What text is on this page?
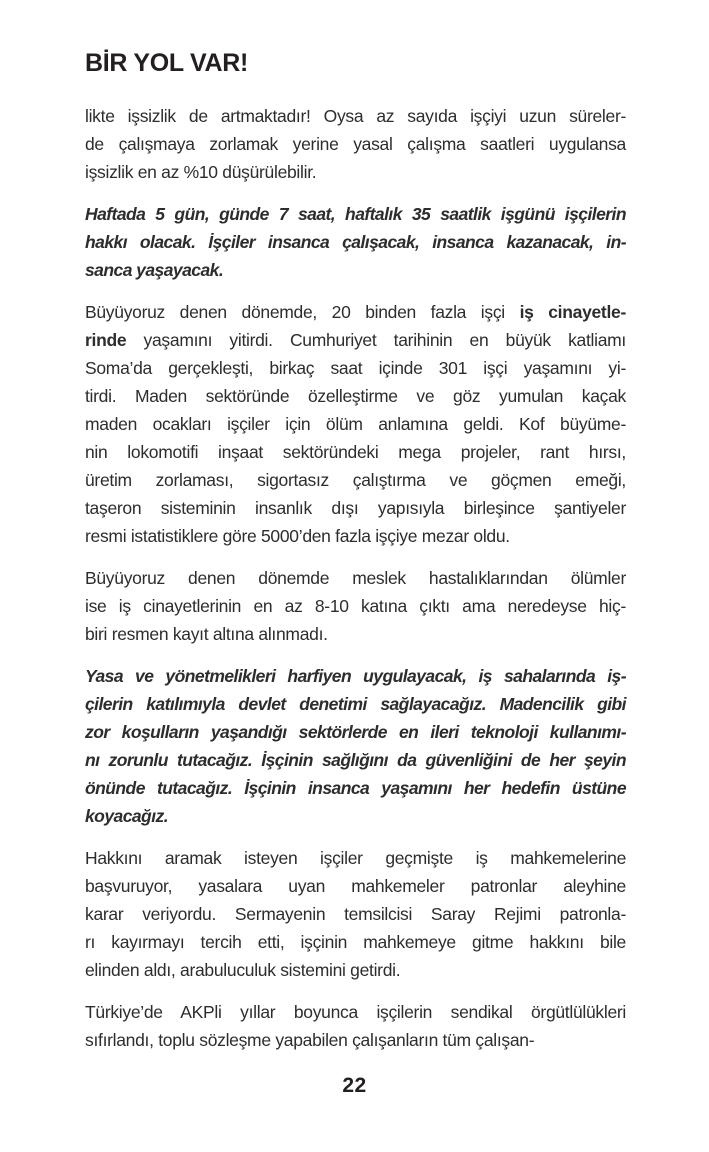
BİR YOL VAR!
likte işsizlik de artmaktadır! Oysa az sayıda işçiyi uzun süreler-
de çalışmaya zorlamak yerine yasal çalışma saatleri uygulansa
işsizlik en az %10 düşürülebilir.
Haftada 5 gün, günde 7 saat, haftalık 35 saatlik işgünü işçilerin
hakkı olacak. İşçiler insanca çalışacak, insanca kazanacak, in-
sanca yaşayacak.
Büyüyoruz denen dönemde, 20 binden fazla işçi iş cinayetle-
rinde yaşamını yitirdi. Cumhuriyet tarihinin en büyük katliamı
Soma’da gerçekleşti, birkaç saat içinde 301 işçi yaşamını yi-
tirdi. Maden sektöründe özelleştirme ve göz yumulan kaçak
maden ocakları işçiler için ölüm anlamına geldi. Kof büyüme-
nin lokomotifi inşaat sektöründeki mega projeler, rant hırsı,
üretim zorlaması, sigortasız çalıştırma ve göçmen emeği,
taşeron sisteminin insanlık dışı yapısıyla birleşince şantiyeler
resmi istatistiklere göre 5000’den fazla işçiye mezar oldu.
Büyüyoruz denen dönemde meslek hastalıklarından ölümler
ise iş cinayetlerinin en az 8-10 katına çıktı ama neredeyse hiç-
biri resmen kayıt altına alınmadı.
Yasa ve yönetmelikleri harfiyen uygulayacak, iş sahalarında iş-
çilerin katılımıyla devlet denetimi sağlayacağız. Madencilik gibi
zor koşulların yaşandığı sektörlerde en ileri teknoloji kullanımı-
nı zorunlu tutacağız. İşçinin sağlığını da güvenliğini de her şeyin
önünde tutacağız. İşçinin insanca yaşamını her hedefin üstüne
koyacağız.
Hakkını aramak isteyen işçiler geçmişte iş mahkemelerine
başvuruyor, yasalara uyan mahkemeler patronlar aleyhine
karar veriyordu. Sermayenin temsilcisi Saray Rejimi patronla-
rı kayırmayı tercih etti, işçinin mahkemeye gitme hakkını bile
elinden aldı, arabuluculuk sistemini getirdi.
Türkiye’de AKPli yıllar boyunca işçilerin sendikal örgütlülükleri
sıfırlandı, toplu sözleşme yapabilen çalışanların tüm çalışan-
22
